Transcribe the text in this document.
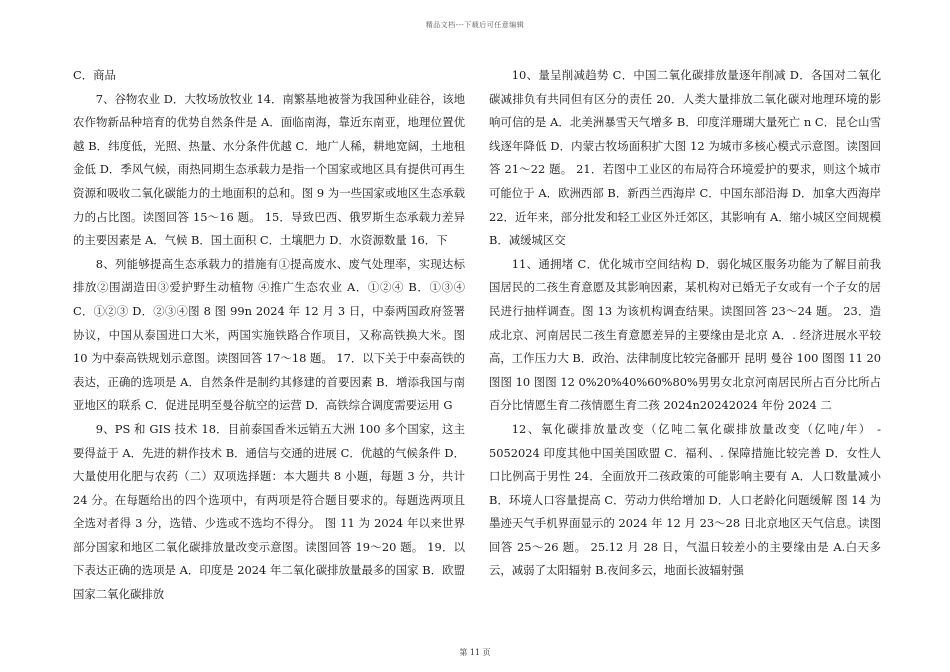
精品文档---下载后可任意编辑

C．商品

7、谷物农业 D．大牧场放牧业 14．南繁基地被誉为我国种业硅谷，该地农作物新品种培育的优势自然条件是 A．面临南海，靠近东南亚，地理位置优越 B．纬度低，光照、热量、水分条件优越 C．地广人稀，耕地宽阔，土地租金低 D．季风气候，雨热同期生态承载力是指一个国家或地区具有提供可再生资源和吸收二氧化碳能力的土地面积的总和。图 9 为一些国家或地区生态承载力的占比图。读图回答 15～16 题。 15．导致巴西、俄罗斯生态承载力差异的主要因素是 A．气候 B．国土面积 C．土壤肥力 D．水资源数量 16．下

8、列能够提高生态承载力的措施有①提高废水、废气处理率，实现达标排放②围湖造田③爱护野生动植物 ④推广生态农业 A．①②④ B．①③④ C．①②③ D．②③④图 8 图 99n 2024 年 12 月 3 日，中泰两国政府签署协议，中国从泰国进口大米，两国实施铁路合作项目，又称高铁换大米。图 10 为中泰高铁规划示意图。读图回答 17～18 题。 17．以下关于中泰高铁的表达，正确的选项是 A．自然条件是制约其修建的首要因素 B．增添我国与南亚地区的联系 C．促进昆明至曼谷航空的运营 D．高铁综合调度需要运用 G

9、PS 和 GIS 技术 18．目前泰国香米远销五大洲 100 多个国家，这主要得益于 A．先进的耕作技术 B．通信与交通的进展 C．优越的气候条件 D．大量使用化肥与农药（二）双项选择题：本大题共 8 小题，每题 3 分，共计 24 分。在每题给出的四个选项中，有两项是符合题目要求的。每题选两项且全选对者得 3 分，选错、少选或不选均不得分。 图 11 为 2024 年以来世界部分国家和地区二氧化碳排放量改变示意图。读图回答 19～20 题。 19．以下表达正确的选项是 A．印度是 2024 年二氧化碳排放量最多的国家 B．欧盟国家二氧化碳排放

10、量呈削减趋势 C．中国二氧化碳排放量逐年削减 D．各国对二氧化碳减排负有共同但有区分的责任 20．人类大量排放二氧化碳对地理环境的影响可信的是 A．北美洲暴雪天气增多 B．印度洋珊瑚大量死亡 n C．昆仑山雪线逐年降低 D．内蒙古牧场面积扩大图 12 为城市多核心模式示意图。读图回答 21～22 题。 21．若图中工业区的布局符合环境爱护的要求，则这个城市可能位于 A．欧洲西部 B．新西兰西海岸 C．中国东部沿海 D．加拿大西海岸 22．近年来，部分批发和轻工业区外迁郊区，其影响有 A．缩小城区空间规模 B．减缓城区交

11、通拥堵 C．优化城市空间结构 D．弱化城区服务功能为了解目前我国居民的二孩生育意愿及其影响因素，某机构对已婚无子女或有一个子女的居民进行抽样调查。图 13 为该机构调查结果。读图回答 23～24 题。 23．造成北京、河南居民二孩生育意愿差异的主要缘由是北京 A．. 经济进展水平较高，工作压力大 B．政治、法律制度比较完备郦开 昆明 曼谷 100 图图 11 20 图图 10 图图 12 0%20%40%60%80%男男女北京河南居民所占百分比所占百分比情愿生育二孩情愿生育二孩 2024n20242024 年份 2024 二

12、氧化碳排放量改变（亿吨二氧化碳排放量改变（亿吨/年） - 5052024 印度其他中国美国欧盟 C．福利、. 保障措施比较完善 D．女性人口比例高于男性 24．全面放开二孩政策的可能影响主要有 A．人口数量减小 B．环境人口容量提高 C．劳动力供给增加 D．人口老龄化问题缓解 图 14 为墨迹天气手机界面显示的 2024 年 12 月 23～28 日北京地区天气信息。读图回答 25～26 题。 25.12 月 28 日，气温日较差小的主要缘由是 A.白天多云，减弱了太阳辐射 B.夜间多云，地面长波辐射强

第 11 页
